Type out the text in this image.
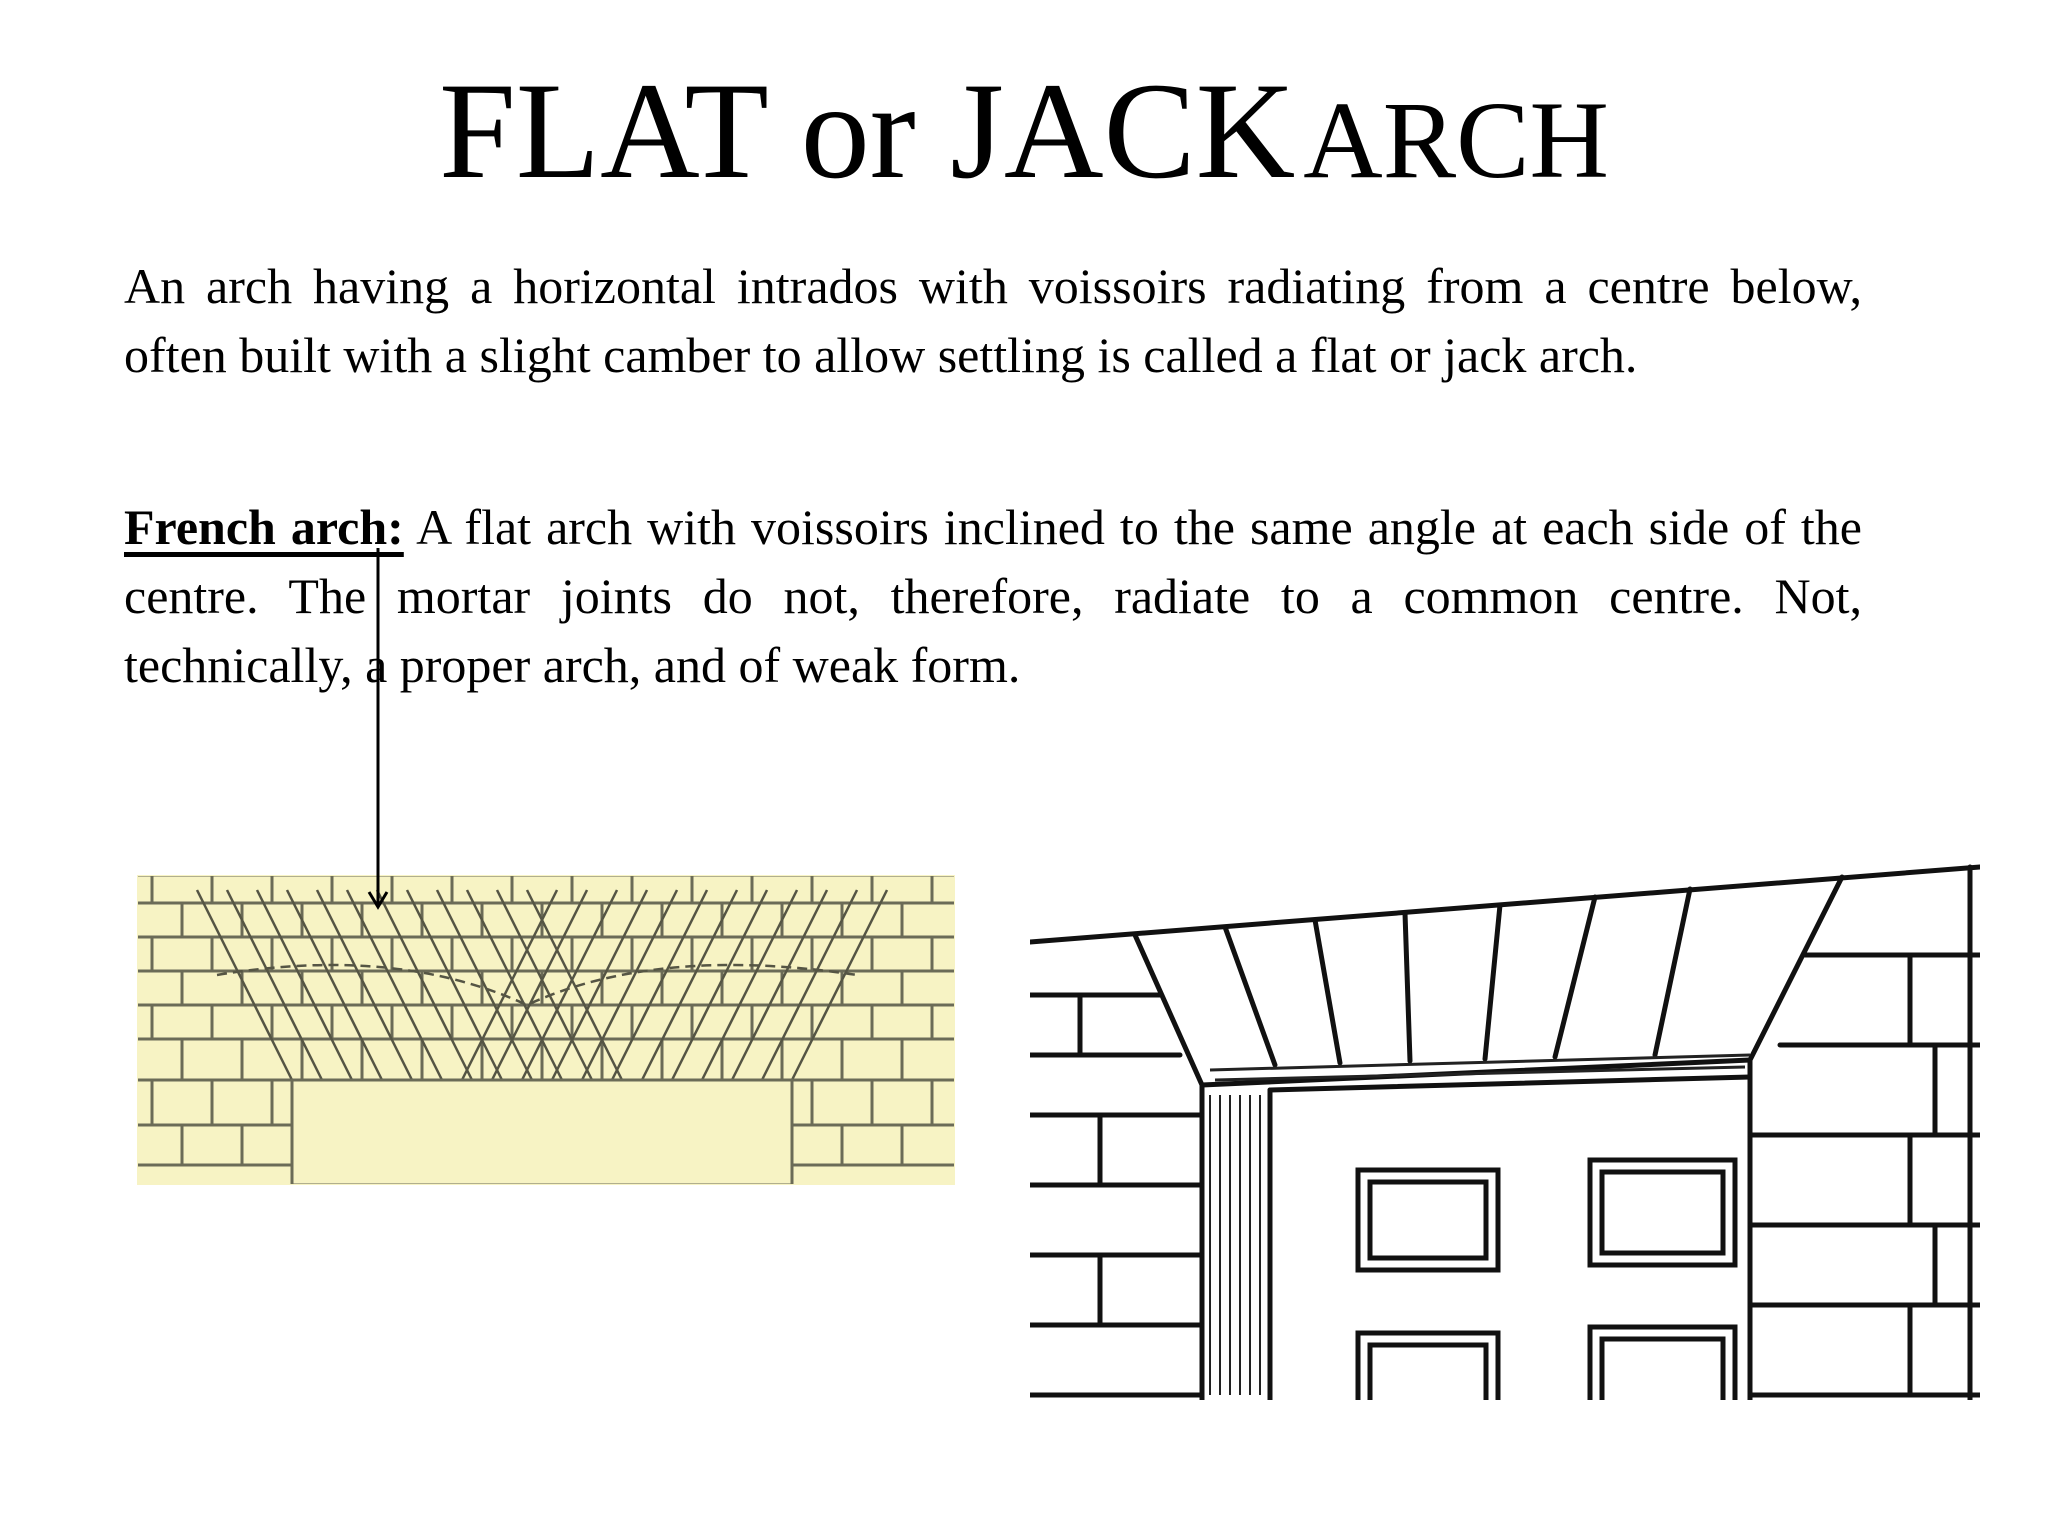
FLAT or JACK ARCH

An arch having a horizontal intrados with voissoirs radiating from a centre below, often built with a slight camber to allow settling is called a flat or jack arch.

French arch: A flat arch with voissoirs inclined to the same angle at each side of the centre. The mortar joints do not, therefore, radiate to a common centre. Not, technically, a proper arch, and of weak form.
